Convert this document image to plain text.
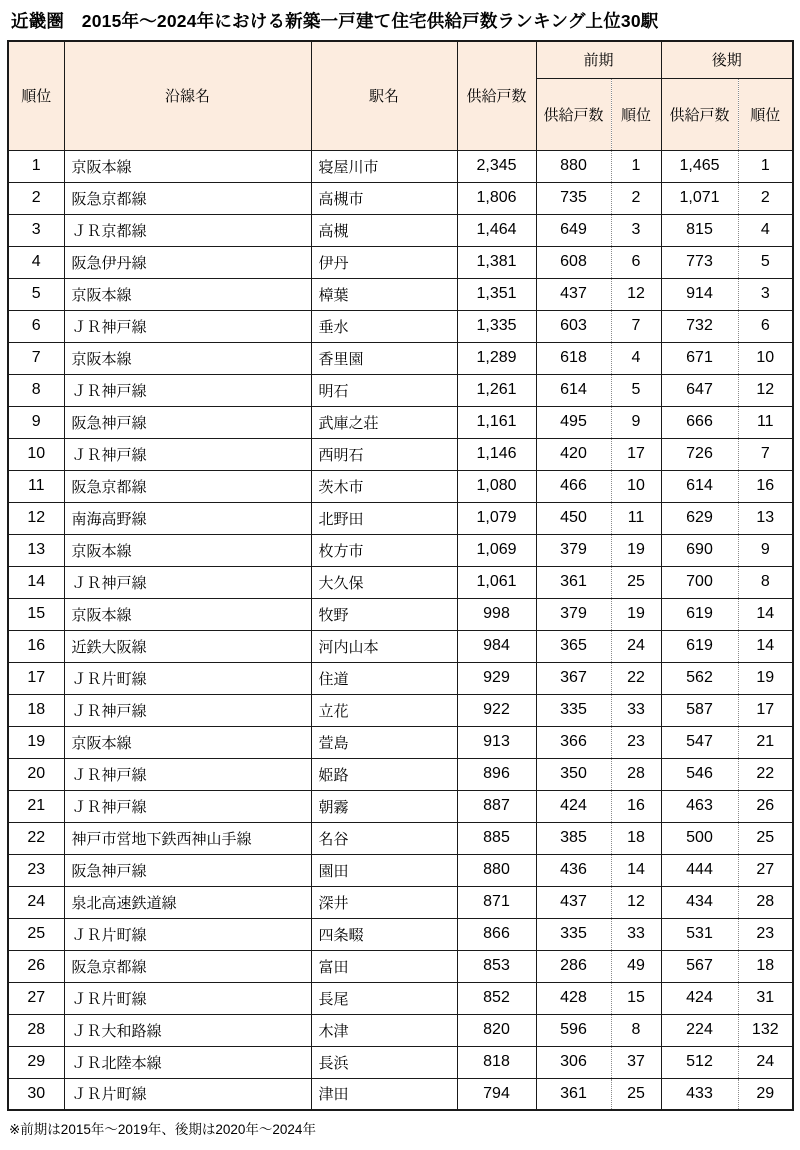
近畿圏　2015年～2024年における新築一戸建て住宅供給戸数ランキング上位30駅
順位	沿線名	駅名	供給戸数	前期		後期	
				供給戸数	順位	供給戸数	順位
1	京阪本線	寝屋川市	2,345	880	1	1,465	1
2	阪急京都線	高槻市	1,806	735	2	1,071	2
3	ＪＲ京都線	高槻	1,464	649	3	815	4
4	阪急伊丹線	伊丹	1,381	608	6	773	5
5	京阪本線	樟葉	1,351	437	12	914	3
6	ＪＲ神戸線	垂水	1,335	603	7	732	6
7	京阪本線	香里園	1,289	618	4	671	10
8	ＪＲ神戸線	明石	1,261	614	5	647	12
9	阪急神戸線	武庫之荘	1,161	495	9	666	11
10	ＪＲ神戸線	西明石	1,146	420	17	726	7
11	阪急京都線	茨木市	1,080	466	10	614	16
12	南海高野線	北野田	1,079	450	11	629	13
13	京阪本線	枚方市	1,069	379	19	690	9
14	ＪＲ神戸線	大久保	1,061	361	25	700	8
15	京阪本線	牧野	998	379	19	619	14
16	近鉄大阪線	河内山本	984	365	24	619	14
17	ＪＲ片町線	住道	929	367	22	562	19
18	ＪＲ神戸線	立花	922	335	33	587	17
19	京阪本線	萱島	913	366	23	547	21
20	ＪＲ神戸線	姫路	896	350	28	546	22
21	ＪＲ神戸線	朝霧	887	424	16	463	26
22	神戸市営地下鉄西神山手線	名谷	885	385	18	500	25
23	阪急神戸線	園田	880	436	14	444	27
24	泉北高速鉄道線	深井	871	437	12	434	28
25	ＪＲ片町線	四条畷	866	335	33	531	23
26	阪急京都線	富田	853	286	49	567	18
27	ＪＲ片町線	長尾	852	428	15	424	31
28	ＪＲ大和路線	木津	820	596	8	224	132
29	ＪＲ北陸本線	長浜	818	306	37	512	24
30	ＪＲ片町線	津田	794	361	25	433	29
※前期は2015年～2019年、後期は2020年～2024年
